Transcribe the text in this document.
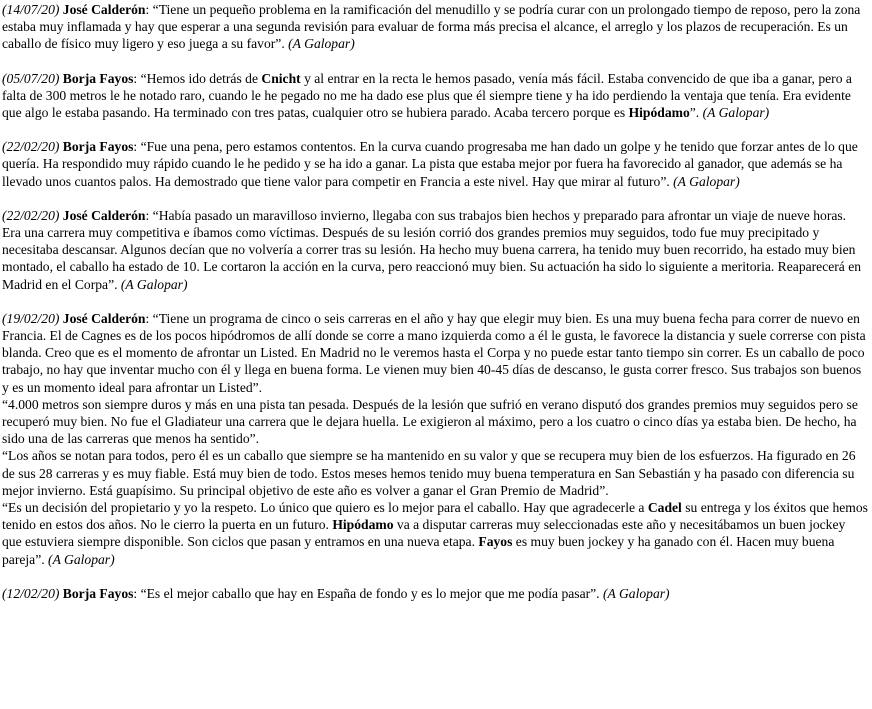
(14/07/20) José Calderón: “Tiene un pequeño problema en la ramificación del menudillo y se podría curar con un prolongado tiempo de reposo, pero la zona estaba muy inflamada y hay que esperar a una segunda revisión para evaluar de forma más precisa el alcance, el arreglo y los plazos de recuperación. Es un caballo de físico muy ligero y eso juega a su favor”. (A Galopar)

(05/07/20) Borja Fayos: “Hemos ido detrás de Cnicht y al entrar en la recta le hemos pasado, venía más fácil. Estaba convencido de que iba a ganar, pero a falta de 300 metros le he notado raro, cuando le he pegado no me ha dado ese plus que él siempre tiene y ha ido perdiendo la ventaja que tenía. Era evidente que algo le estaba pasando. Ha terminado con tres patas, cualquier otro se hubiera parado. Acaba tercero porque es Hipódamo”. (A Galopar)

(22/02/20) Borja Fayos: “Fue una pena, pero estamos contentos. En la curva cuando progresaba me han dado un golpe y he tenido que forzar antes de lo que quería. Ha respondido muy rápido cuando le he pedido y se ha ido a ganar. La pista que estaba mejor por fuera ha favorecido al ganador, que además se ha llevado unos cuantos palos. Ha demostrado que tiene valor para competir en Francia a este nivel. Hay que mirar al futuro”. (A Galopar)

(22/02/20) José Calderón: “Había pasado un maravilloso invierno, llegaba con sus trabajos bien hechos y preparado para afrontar un viaje de nueve horas. Era una carrera muy competitiva e íbamos como víctimas. Después de su lesión corrió dos grandes premios muy seguidos, todo fue muy precipitado y necesitaba descansar. Algunos decían que no volvería a correr tras su lesión. Ha hecho muy buena carrera, ha tenido muy buen recorrido, ha estado muy bien montado, el caballo ha estado de 10. Le cortaron la acción en la curva, pero reaccionó muy bien. Su actuación ha sido lo siguiente a meritoria. Reaparecerá en Madrid en el Corpa”. (A Galopar)

(19/02/20) José Calderón: “Tiene un programa de cinco o seis carreras en el año y hay que elegir muy bien. Es una muy buena fecha para correr de nuevo en Francia. El de Cagnes es de los pocos hipódromos de allí donde se corre a mano izquierda como a él le gusta, le favorece la distancia y suele correrse con pista blanda. Creo que es el momento de afrontar un Listed. En Madrid no le veremos hasta el Corpa y no puede estar tanto tiempo sin correr. Es un caballo de poco trabajo, no hay que inventar mucho con él y llega en buena forma. Le vienen muy bien 40-45 días de descanso, le gusta correr fresco. Sus trabajos son buenos y es un momento ideal para afrontar un Listed”.

“4.000 metros son siempre duros y más en una pista tan pesada. Después de la lesión que sufrió en verano disputó dos grandes premios muy seguidos pero se recuperó muy bien. No fue el Gladiateur una carrera que le dejara huella. Le exigieron al máximo, pero a los cuatro o cinco días ya estaba bien. De hecho, ha sido una de las carreras que menos ha sentido”.

“Los años se notan para todos, pero él es un caballo que siempre se ha mantenido en su valor y que se recupera muy bien de los esfuerzos. Ha figurado en 26 de sus 28 carreras y es muy fiable. Está muy bien de todo. Estos meses hemos tenido muy buena temperatura en San Sebastián y ha pasado con diferencia su mejor invierno. Está guapísimo. Su principal objetivo de este año es volver a ganar el Gran Premio de Madrid”.

“Es un decisión del propietario y yo la respeto. Lo único que quiero es lo mejor para el caballo. Hay que agradecerle a Cadel su entrega y los éxitos que hemos tenido en estos dos años. No le cierro la puerta en un futuro. Hipódamo va a disputar carreras muy seleccionadas este año y necesitábamos un buen jockey que estuviera siempre disponible. Son ciclos que pasan y entramos en una nueva etapa. Fayos es muy buen jockey y ha ganado con él. Hacen muy buena pareja”. (A Galopar)

(12/02/20) Borja Fayos: “Es el mejor caballo que hay en España de fondo y es lo mejor que me podía pasar”. (A Galopar)
